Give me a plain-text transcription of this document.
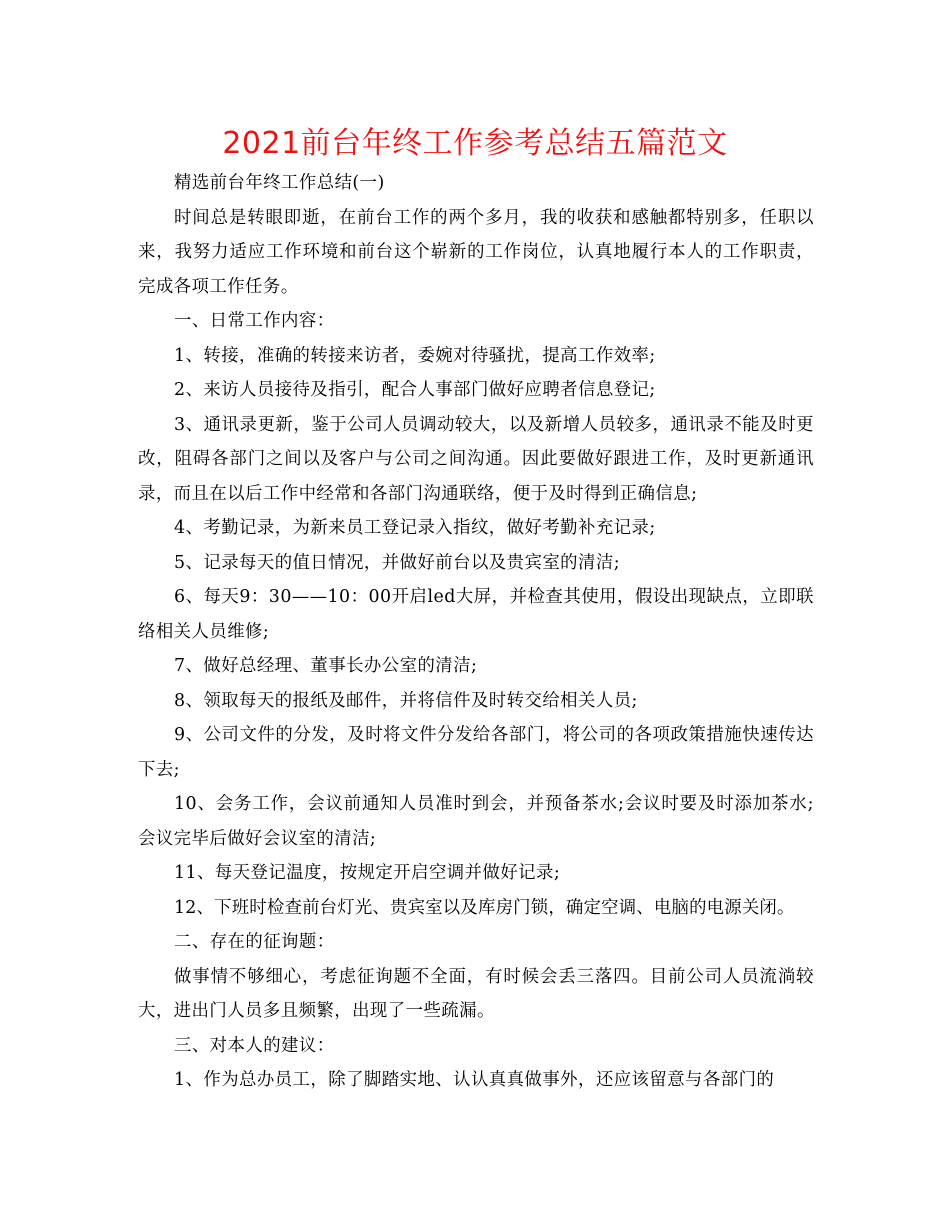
2021前台年终工作参考总结五篇范文

精选前台年终工作总结(一)

时间总是转眼即逝，在前台工作的两个多月，我的收获和感触都特别多，任职以来，我努力适应工作环境和前台这个崭新的工作岗位，认真地履行本人的工作职责，完成各项工作任务。

一、日常工作内容：

1、转接，准确的转接来访者，委婉对待骚扰，提高工作效率;

2、来访人员接待及指引，配合人事部门做好应聘者信息登记;

3、通讯录更新，鉴于公司人员调动较大，以及新增人员较多，通讯录不能及时更改，阻碍各部门之间以及客户与公司之间沟通。因此要做好跟进工作，及时更新通讯录，而且在以后工作中经常和各部门沟通联络，便于及时得到正确信息;

4、考勤记录，为新来员工登记录入指纹，做好考勤补充记录;

5、记录每天的值日情况，并做好前台以及贵宾室的清洁;

6、每天9：30——10：00开启led大屏，并检查其使用，假设出现缺点，立即联络相关人员维修;

7、做好总经理、董事长办公室的清洁;

8、领取每天的报纸及邮件，并将信件及时转交给相关人员;

9、公司文件的分发，及时将文件分发给各部门，将公司的各项政策措施快速传达下去;

10、会务工作，会议前通知人员准时到会，并预备茶水;会议时要及时添加茶水;会议完毕后做好会议室的清洁;

11、每天登记温度，按规定开启空调并做好记录;

12、下班时检查前台灯光、贵宾室以及库房门锁，确定空调、电脑的电源关闭。

二、存在的征询题：

做事情不够细心，考虑征询题不全面，有时候会丢三落四。目前公司人员流淌较大，进出门人员多且频繁，出现了一些疏漏。

三、对本人的建议：

1、作为总办员工，除了脚踏实地、认认真真做事外，还应该留意与各部门的
